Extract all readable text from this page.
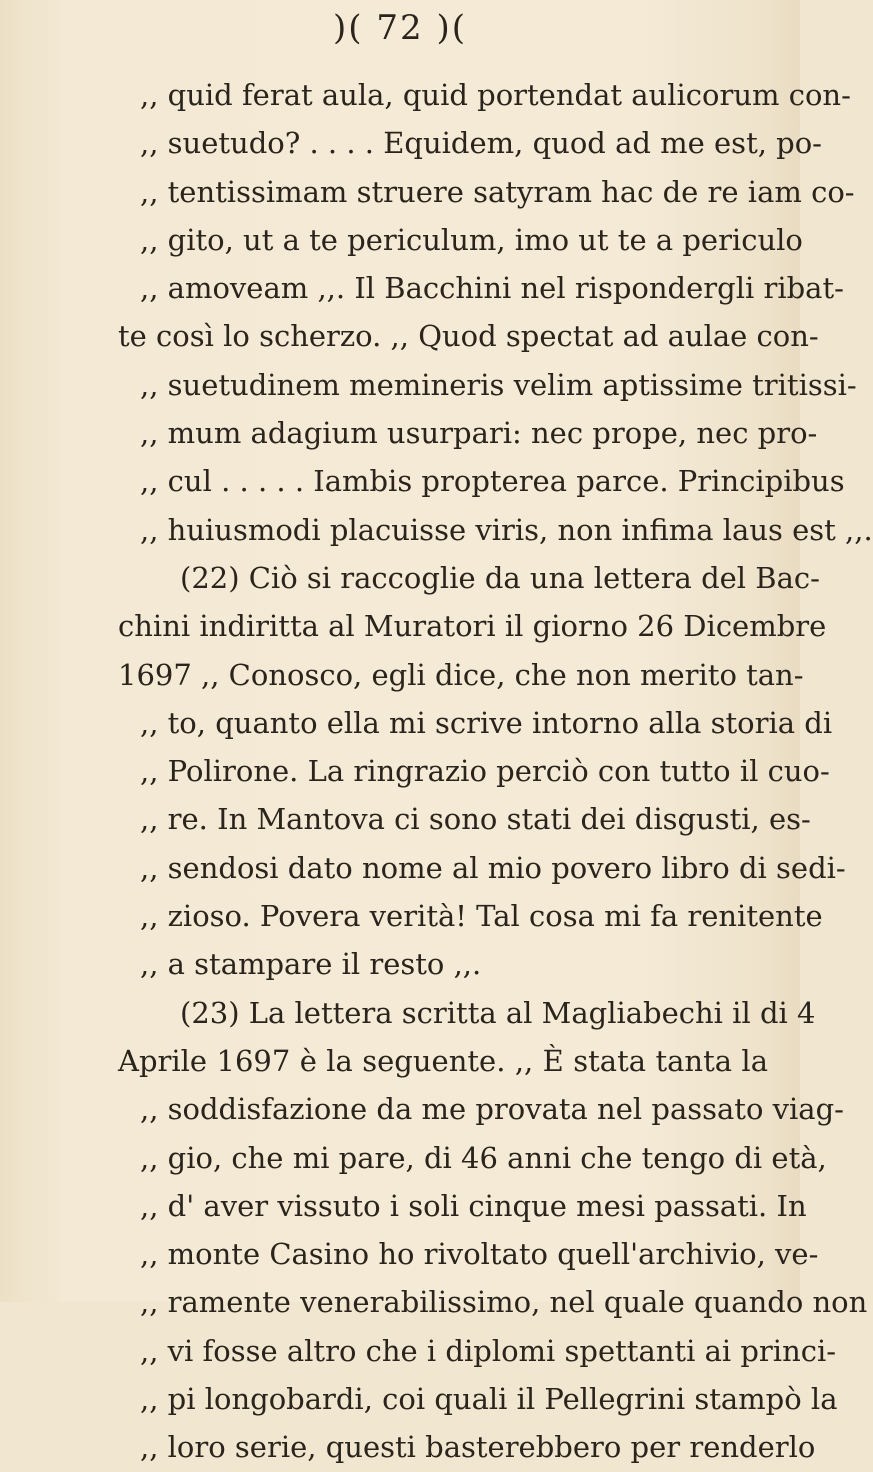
)( 72 )(
,, quid ferat aula, quid portendat aulicorum con-
,, suetudo? . . . . Equidem, quod ad me est, po-
,, tentissimam struere satyram hac de re iam co-
,, gito, ut a te periculum, imo ut te a periculo
,, amoveam ,,. Il Bacchini nel rispondergli ribat-
te così lo scherzo. ,, Quod spectat ad aulae con-
,, suetudinem memineris velim aptissime tritissi-
,, mum adagium usurpari: nec prope, nec pro-
,, cul . . . . . Iambis propterea parce. Principibus
,, huiusmodi placuisse viris, non infima laus est ,,.
(22) Ciò si raccoglie da una lettera del Bac-
chini indiritta al Muratori il giorno 26 Dicembre
1697 ,, Conosco, egli dice, che non merito tan-
,, to, quanto ella mi scrive intorno alla storia di
,, Polirone. La ringrazio perciò con tutto il cuo-
,, re. In Mantova ci sono stati dei disgusti, es-
,, sendosi dato nome al mio povero libro di sedi-
,, zioso. Povera verità! Tal cosa mi fa renitente
,, a stampare il resto ,,.
(23) La lettera scritta al Magliabechi il di 4
Aprile 1697 è la seguente. ,, È stata tanta la
,, soddisfazione da me provata nel passato viag-
,, gio, che mi pare, di 46 anni che tengo di età,
,, d' aver vissuto i soli cinque mesi passati. In
,, monte Casino ho rivoltato quell'archivio, ve-
,, ramente venerabilissimo, nel quale quando non
,, vi fosse altro che i diplomi spettanti ai princi-
,, pi longobardi, coi quali il Pellegrini stampò la
,, loro serie, questi basterebbero per renderlo
